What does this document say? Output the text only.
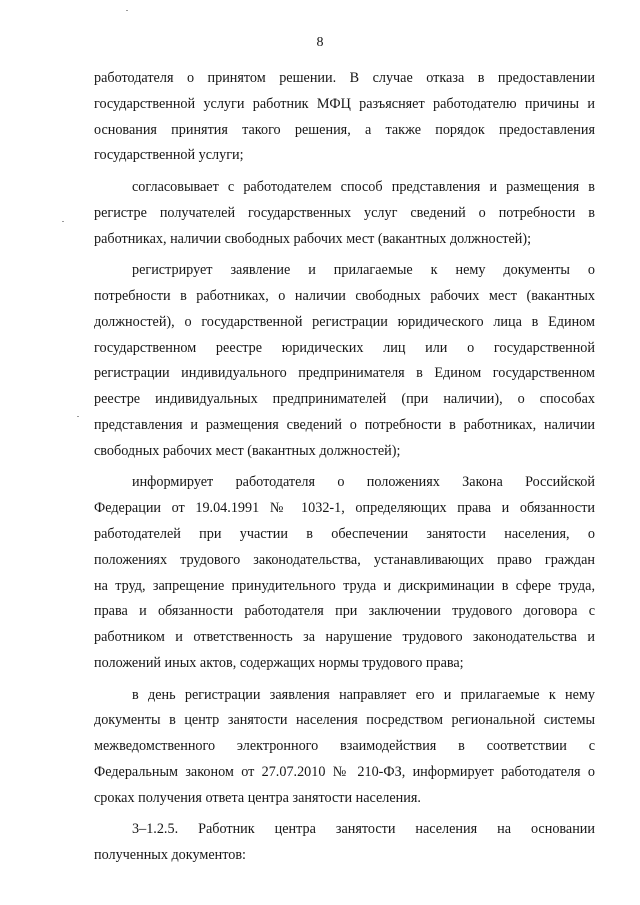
8
работодателя о принятом решении. В случае отказа в предоставлении
государственной услуги работник МФЦ разъясняет работодателю причины и
основания принятия такого решения, а также порядок предоставления
государственной услуги;
согласовывает с работодателем способ представления и размещения в
регистре получателей государственных услуг сведений о потребности в
работниках, наличии свободных рабочих мест (вакантных должностей);
регистрирует заявление и прилагаемые к нему документы о
потребности в работниках, о наличии свободных рабочих мест (вакантных
должностей), о государственной регистрации юридического лица в Едином
государственном реестре юридических лиц или о государственной
регистрации индивидуального предпринимателя в Едином государственном
реестре индивидуальных предпринимателей (при наличии), о способах
представления и размещения сведений о потребности в работниках, наличии
свободных рабочих мест (вакантных должностей);
информирует работодателя о положениях Закона Российской
Федерации от 19.04.1991 № 1032-1, определяющих права и обязанности
работодателей при участии в обеспечении занятости населения, о
положениях трудового законодательства, устанавливающих право граждан
на труд, запрещение принудительного труда и дискриминации в сфере труда,
права и обязанности работодателя при заключении трудового договора с
работником и ответственность за нарушение трудового законодательства и
положений иных актов, содержащих нормы трудового права;
в день регистрации заявления направляет его и прилагаемые к нему
документы в центр занятости населения посредством региональной системы
межведомственного электронного взаимодействия в соответствии с
Федеральным законом от 27.07.2010 № 210-ФЗ, информирует работодателя о
сроках получения ответа центра занятости населения.
3–1.2.5. Работник центра занятости населения на основании
полученных документов:
